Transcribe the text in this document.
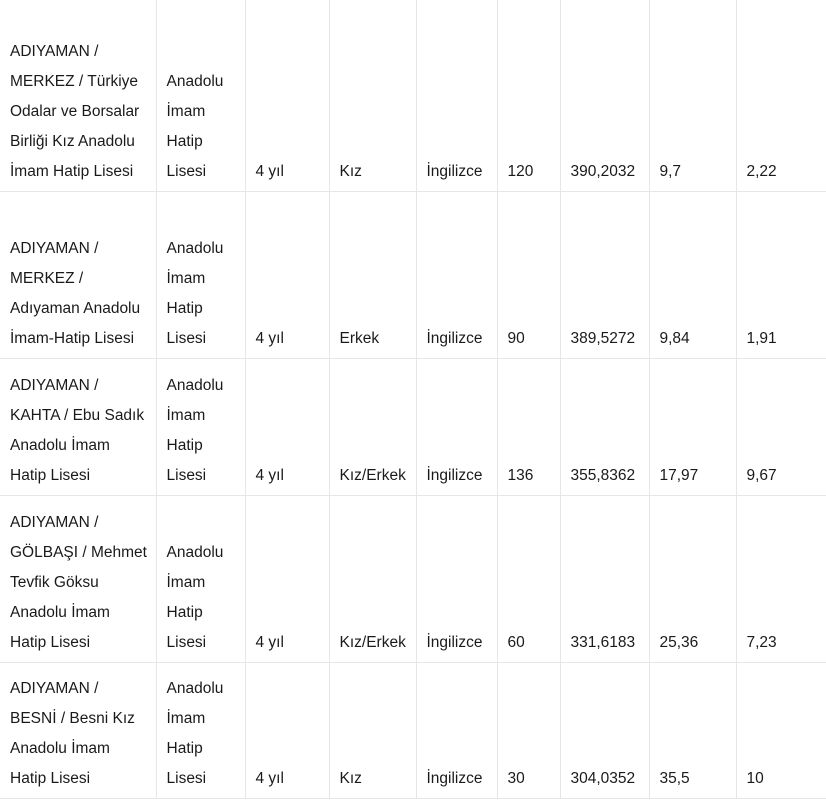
ADIYAMAN / MERKEZ / Türkiye Odalar ve Borsalar Birliği Kız Anadolu İmam Hatip Lisesi	Anadolu İmam Hatip Lisesi	4 yıl	Kız	İngilizce	120	390,2032	9,7	2,22
ADIYAMAN / MERKEZ / Adıyaman Anadolu İmam-Hatip Lisesi	Anadolu İmam Hatip Lisesi	4 yıl	Erkek	İngilizce	90	389,5272	9,84	1,91
ADIYAMAN / KAHTA / Ebu Sadık Anadolu İmam Hatip Lisesi	Anadolu İmam Hatip Lisesi	4 yıl	Kız/Erkek	İngilizce	136	355,8362	17,97	9,67
ADIYAMAN / GÖLBAŞI / Mehmet Tevfik Göksu Anadolu İmam Hatip Lisesi	Anadolu İmam Hatip Lisesi	4 yıl	Kız/Erkek	İngilizce	60	331,6183	25,36	7,23
ADIYAMAN / BESNİ / Besni Kız Anadolu İmam Hatip Lisesi	Anadolu İmam Hatip Lisesi	4 yıl	Kız	İngilizce	30	304,0352	35,5	10
